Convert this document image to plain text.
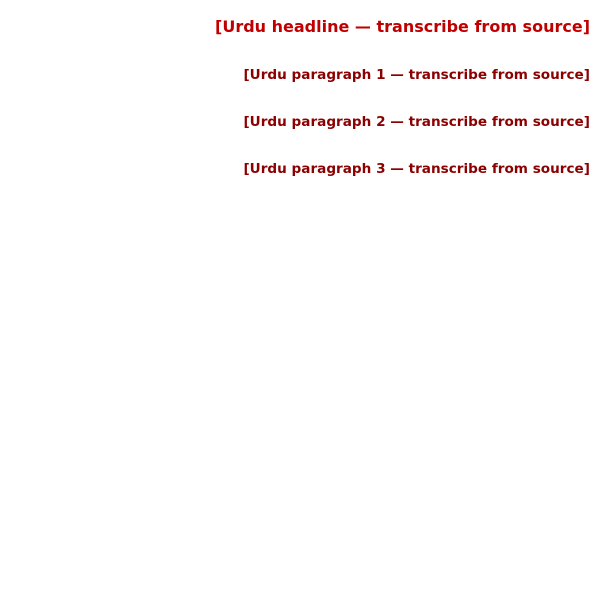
[Urdu headline — transcribe from source]

[Urdu paragraph 1 — transcribe from source]

[Urdu paragraph 2 — transcribe from source]

[Urdu paragraph 3 — transcribe from source]
